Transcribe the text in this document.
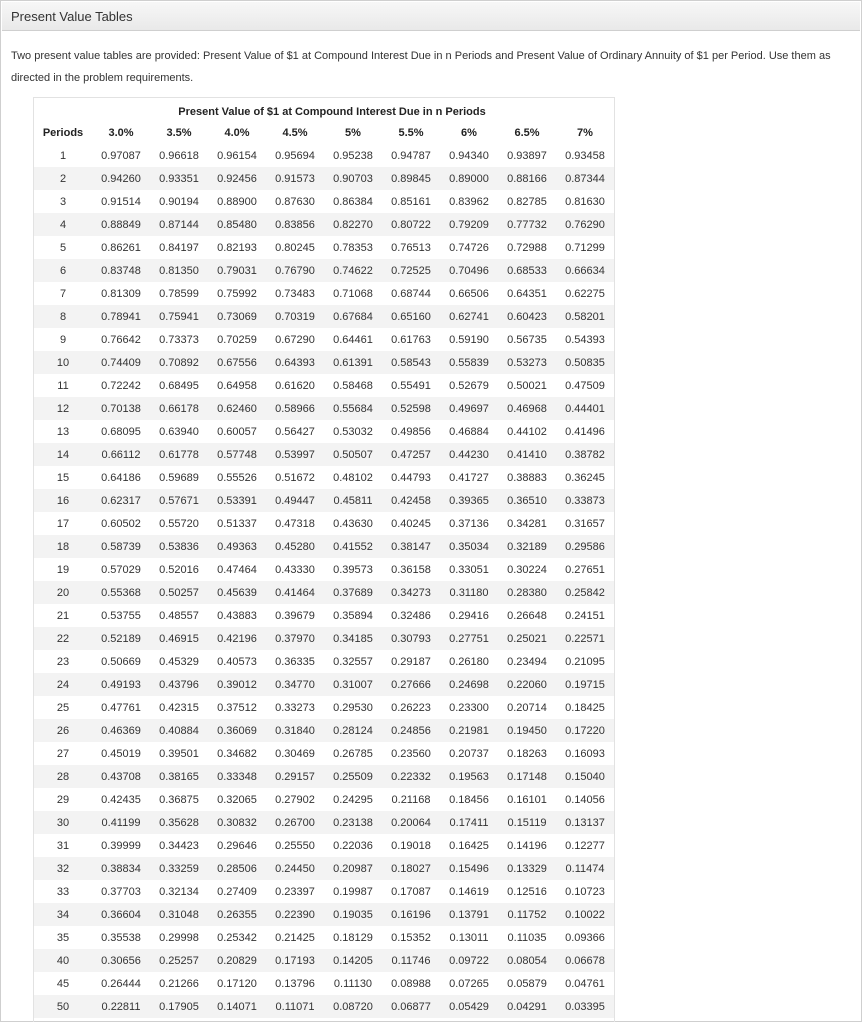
Present Value Tables
Two present value tables are provided: Present Value of $1 at Compound Interest Due in n Periods and Present Value of Ordinary Annuity of $1 per Period. Use them as directed in the problem requirements.
Present Value of $1 at Compound Interest Due in n Periods
Periods	3.0%	3.5%	4.0%	4.5%	5%	5.5%	6%	6.5%	7%
1	0.97087	0.96618	0.96154	0.95694	0.95238	0.94787	0.94340	0.93897	0.93458
2	0.94260	0.93351	0.92456	0.91573	0.90703	0.89845	0.89000	0.88166	0.87344
3	0.91514	0.90194	0.88900	0.87630	0.86384	0.85161	0.83962	0.82785	0.81630
4	0.88849	0.87144	0.85480	0.83856	0.82270	0.80722	0.79209	0.77732	0.76290
5	0.86261	0.84197	0.82193	0.80245	0.78353	0.76513	0.74726	0.72988	0.71299
6	0.83748	0.81350	0.79031	0.76790	0.74622	0.72525	0.70496	0.68533	0.66634
7	0.81309	0.78599	0.75992	0.73483	0.71068	0.68744	0.66506	0.64351	0.62275
8	0.78941	0.75941	0.73069	0.70319	0.67684	0.65160	0.62741	0.60423	0.58201
9	0.76642	0.73373	0.70259	0.67290	0.64461	0.61763	0.59190	0.56735	0.54393
10	0.74409	0.70892	0.67556	0.64393	0.61391	0.58543	0.55839	0.53273	0.50835
11	0.72242	0.68495	0.64958	0.61620	0.58468	0.55491	0.52679	0.50021	0.47509
12	0.70138	0.66178	0.62460	0.58966	0.55684	0.52598	0.49697	0.46968	0.44401
13	0.68095	0.63940	0.60057	0.56427	0.53032	0.49856	0.46884	0.44102	0.41496
14	0.66112	0.61778	0.57748	0.53997	0.50507	0.47257	0.44230	0.41410	0.38782
15	0.64186	0.59689	0.55526	0.51672	0.48102	0.44793	0.41727	0.38883	0.36245
16	0.62317	0.57671	0.53391	0.49447	0.45811	0.42458	0.39365	0.36510	0.33873
17	0.60502	0.55720	0.51337	0.47318	0.43630	0.40245	0.37136	0.34281	0.31657
18	0.58739	0.53836	0.49363	0.45280	0.41552	0.38147	0.35034	0.32189	0.29586
19	0.57029	0.52016	0.47464	0.43330	0.39573	0.36158	0.33051	0.30224	0.27651
20	0.55368	0.50257	0.45639	0.41464	0.37689	0.34273	0.31180	0.28380	0.25842
21	0.53755	0.48557	0.43883	0.39679	0.35894	0.32486	0.29416	0.26648	0.24151
22	0.52189	0.46915	0.42196	0.37970	0.34185	0.30793	0.27751	0.25021	0.22571
23	0.50669	0.45329	0.40573	0.36335	0.32557	0.29187	0.26180	0.23494	0.21095
24	0.49193	0.43796	0.39012	0.34770	0.31007	0.27666	0.24698	0.22060	0.19715
25	0.47761	0.42315	0.37512	0.33273	0.29530	0.26223	0.23300	0.20714	0.18425
26	0.46369	0.40884	0.36069	0.31840	0.28124	0.24856	0.21981	0.19450	0.17220
27	0.45019	0.39501	0.34682	0.30469	0.26785	0.23560	0.20737	0.18263	0.16093
28	0.43708	0.38165	0.33348	0.29157	0.25509	0.22332	0.19563	0.17148	0.15040
29	0.42435	0.36875	0.32065	0.27902	0.24295	0.21168	0.18456	0.16101	0.14056
30	0.41199	0.35628	0.30832	0.26700	0.23138	0.20064	0.17411	0.15119	0.13137
31	0.39999	0.34423	0.29646	0.25550	0.22036	0.19018	0.16425	0.14196	0.12277
32	0.38834	0.33259	0.28506	0.24450	0.20987	0.18027	0.15496	0.13329	0.11474
33	0.37703	0.32134	0.27409	0.23397	0.19987	0.17087	0.14619	0.12516	0.10723
34	0.36604	0.31048	0.26355	0.22390	0.19035	0.16196	0.13791	0.11752	0.10022
35	0.35538	0.29998	0.25342	0.21425	0.18129	0.15352	0.13011	0.11035	0.09366
40	0.30656	0.25257	0.20829	0.17193	0.14205	0.11746	0.09722	0.08054	0.06678
45	0.26444	0.21266	0.17120	0.13796	0.11130	0.08988	0.07265	0.05879	0.04761
50	0.22811	0.17905	0.14071	0.11071	0.08720	0.06877	0.05429	0.04291	0.03395
